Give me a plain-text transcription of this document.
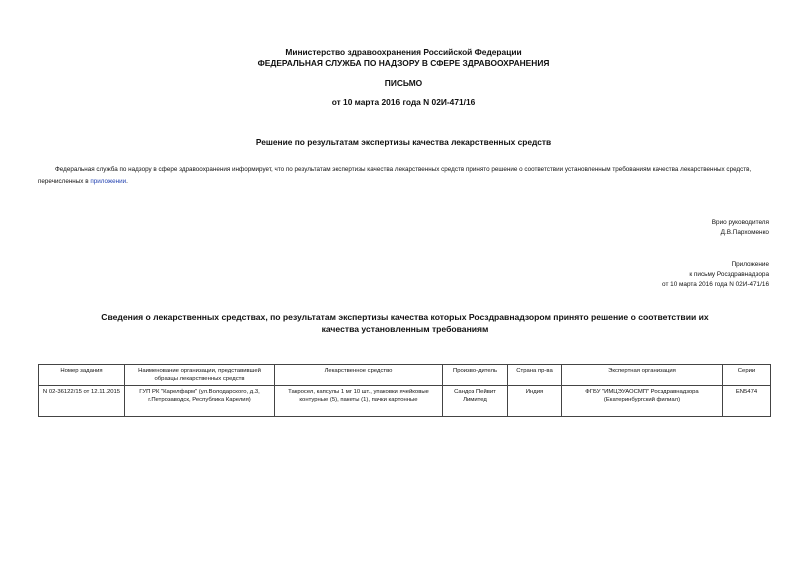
Министерство здравоохранения Российской Федерации
ФЕДЕРАЛЬНАЯ СЛУЖБА ПО НАДЗОРУ В СФЕРЕ ЗДРАВООХРАНЕНИЯ
ПИСЬМО
от 10 марта 2016 года N 02И-471/16
Решение по результатам экспертизы качества лекарственных средств
Федеральная служба по надзору в сфере здравоохранения информирует, что по результатам экспертизы качества лекарственных средств принято решение о соответствии установленным требованиям качества лекарственных средств, перечисленных в приложении.
Врио руководителя
Д.В.Пархоменко
Приложение
к письму Росздравнадзора
от 10 марта 2016 года N 02И-471/16
Сведения о лекарственных средствах, по результатам экспертизы качества которых Росздравнадзором принято решение о соответствии их качества установленным требованиям
Номер задания	Наименование организации, представившей образцы лекарственных средств	Лекарственное средство	Произво-дитель	Страна пр-ва	Экспертная организация	Серии
N 02-36122/15 от 12.11.2015	ГУП РК "Карелфарм" (ул.Володарского, д.3, г.Петрозаводск, Республика Карелия)	Такросел, капсулы 1 мг 10 шт., упаковки ячейковые контурные (5), пакеты (1), пачки картонные	Сандоз Пейвит Лимитед	Индия	ФГБУ "ИМЦЭУАОСМП" Росздравнадзора (Екатеринбургский филиал)	EN5474
